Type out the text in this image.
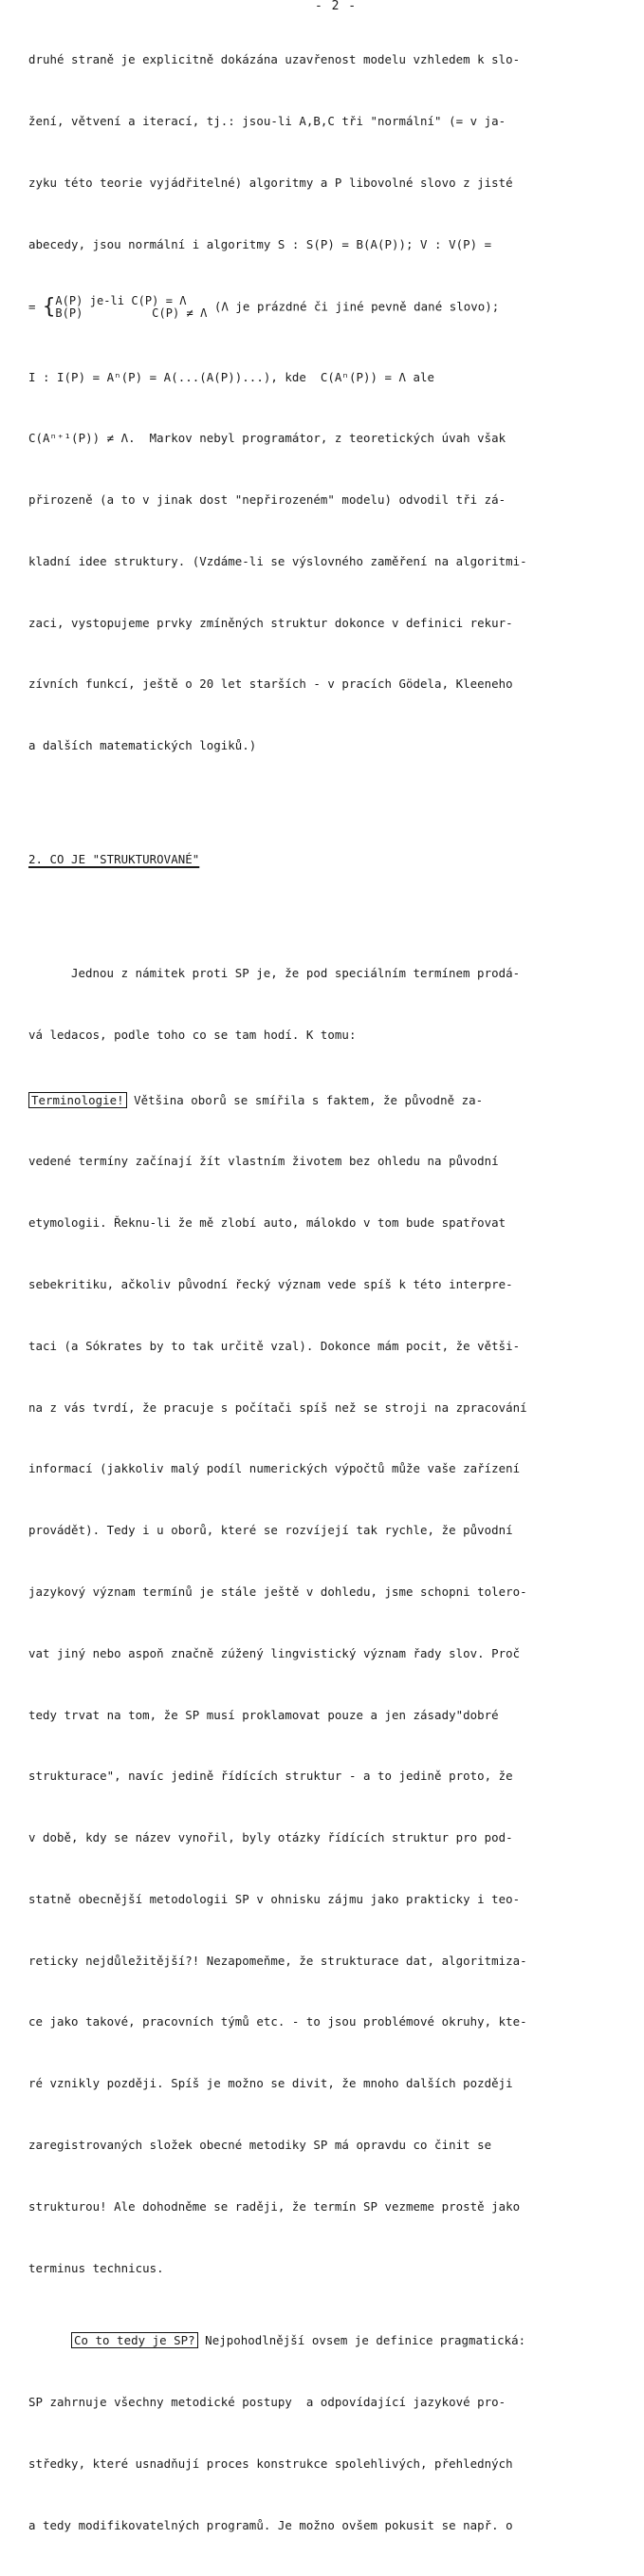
- 2 -

druhé straně je explicitně dokázána uzavřenost modelu vzhledem k slo-

žení, větvení a iterací, tj.: jsou-li A,B,C tři "normální" (= v ja-

zyku této teorie vyjádřitelné) algoritmy a P libovolné slovo z jisté

abecedy, jsou normální i algoritmy S : S(P) = B(A(P)); V : V(P) =

= {A(P) je-li C(P) = Λ
B(P)          C(P) ≠ Λ (Λ je prázdné či jiné pevně dané slovo);

I : I(P) = Aⁿ(P) = A(...(A(P))...), kde  C(Aⁿ(P)) = Λ ale

C(Aⁿ⁺¹(P)) ≠ Λ.  Markov nebyl programátor, z teoretických úvah však

přirozeně (a to v jinak dost "nepřirozeném" modelu) odvodil tři zá-

kladní idee struktury. (Vzdáme-li se výslovného zaměření na algoritmi-

zaci, vystopujeme prvky zmíněných struktur dokonce v definici rekur-

zívních funkcí, ještě o 20 let starších - v pracích Gödela, Kleeneho

a dalších matematických logiků.)

2. CO JE "STRUKTUROVANÉ"

Jednou z námitek proti SP je, že pod speciálním termínem prodá-

vá ledacos, podle toho co se tam hodí. K tomu:

Terminologie! Většina oborů se smířila s faktem, že původně za-

vedené termíny začínají žít vlastním životem bez ohledu na původní

etymologii. Řeknu-li že mě zlobí auto, málokdo v tom bude spatřovat

sebekritiku, ačkoliv původní řecký význam vede spíš k této interpre-

taci (a Sókrates by to tak určitě vzal). Dokonce mám pocit, že větši-

na z vás tvrdí, že pracuje s počítači spíš než se stroji na zpracování

informací (jakkoliv malý podíl numerických výpočtů může vaše zařízení

provádět). Tedy i u oborů, které se rozvíjejí tak rychle, že původní

jazykový význam termínů je stále ještě v dohledu, jsme schopni tolero-

vat jiný nebo aspoň značně zúžený lingvistický význam řady slov. Proč

tedy trvat na tom, že SP musí proklamovat pouze a jen zásady"dobré

strukturace", navíc jedině řídících struktur - a to jedině proto, že

v době, kdy se název vynořil, byly otázky řídících struktur pro pod-

statně obecnější metodologii SP v ohnisku zájmu jako prakticky i teo-

reticky nejdůležitější?! Nezapomeňme, že strukturace dat, algoritmiza-

ce jako takové, pracovních týmů etc. - to jsou problémové okruhy, kte-

ré vznikly později. Spíš je možno se divit, že mnoho dalších později

zaregistrovaných složek obecné metodiky SP má opravdu co činit se

strukturou! Ale dohodněme se raději, že termín SP vezmeme prostě jako

terminus technicus.

Co to tedy je SP? Nejpohodlnější ovsem je definice pragmatická:

SP zahrnuje všechny metodické postupy  a odpovídající jazykové pro-

středky, které usnadňují proces konstrukce spolehlivých, přehledných

a tedy modifikovatelných programů. Je možno ovšem pokusit se např. o
